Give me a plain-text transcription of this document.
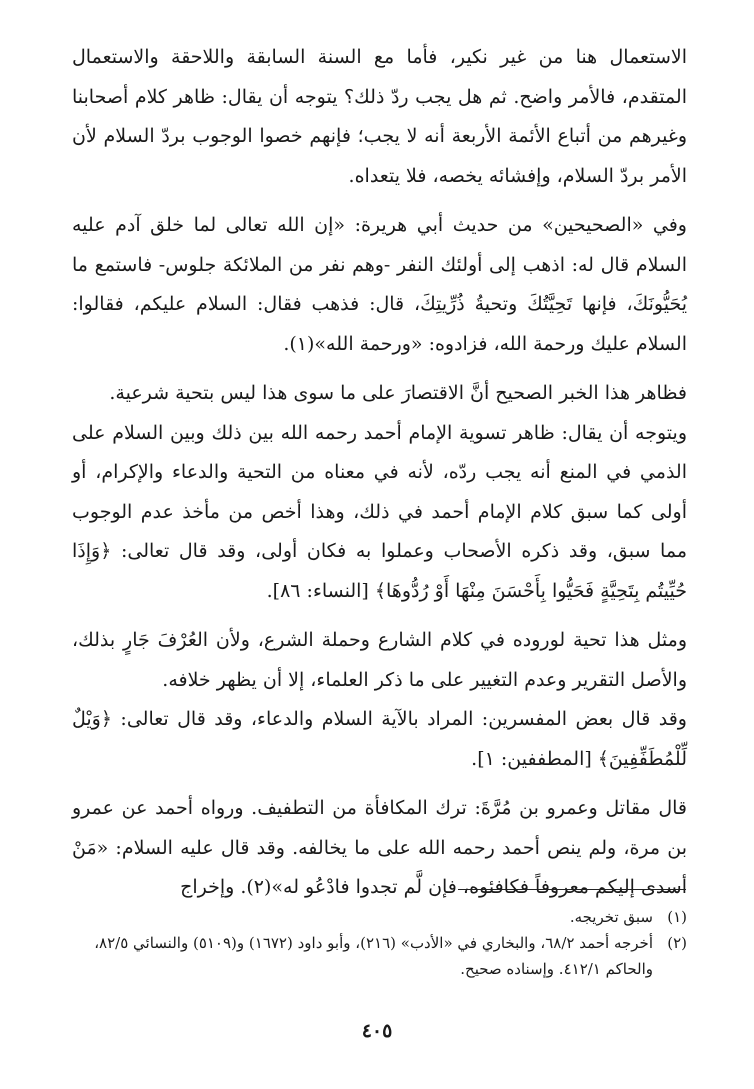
الاستعمال هنا من غير نكير، فأما مع السنة السابقة واللاحقة والاستعمال المتقدم، فالأمر واضح. ثم هل يجب ردّ ذلك؟ يتوجه أن يقال: ظاهر كلام أصحابنا وغيرهم من أتباع الأئمة الأربعة أنه لا يجب؛ فإنهم خصوا الوجوب بردّ السلام لأن الأمر بردّ السلام، وإفشائه يخصه، فلا يتعداه.

وفي «الصحيحين» من حديث أبي هريرة: «إن الله تعالى لما خلق آدم عليه السلام قال له: اذهب إلى أولئك النفر -وهم نفر من الملائكة جلوس- فاستمع ما يُحَيُّونَكَ، فإنها تَحِيَّتُكَ وتحيةُ ذُرِّيتِكَ، قال: فذهب فقال: السلام عليكم، فقالوا: السلام عليك ورحمة الله، فزادوه: «ورحمة الله»(١).

فظاهر هذا الخبر الصحيح أنَّ الاقتصارَ على ما سوى هذا ليس بتحية شرعية.

ويتوجه أن يقال: ظاهر تسوية الإمام أحمد رحمه الله بين ذلك وبين السلام على الذمي في المنع أنه يجب ردّه، لأنه في معناه من التحية والدعاء والإكرام، أو أولى كما سبق كلام الإمام أحمد في ذلك، وهذا أخص من مأخذ عدم الوجوب مما سبق، وقد ذكره الأصحاب وعملوا به فكان أولى، وقد قال تعالى: ﴿وَإِذَا حُيِّيتُم بِتَحِيَّةٍ فَحَيُّوا بِأَحْسَنَ مِنْهَا أَوْ رُدُّوهَا﴾ [النساء: ٨٦].

ومثل هذا تحية لوروده في كلام الشارع وحملة الشرع، ولأن العُرْفَ جَارٍ بذلك، والأصل التقرير وعدم التغيير على ما ذكر العلماء، إلا أن يظهر خلافه.

وقد قال بعض المفسرين: المراد بالآية السلام والدعاء، وقد قال تعالى: ﴿وَيْلٌ لِّلْمُطَفِّفِينَ﴾ [المطففين: ١].

قال مقاتل وعمرو بن مُرَّةَ: ترك المكافأة من التطفيف. ورواه أحمد عن عمرو بن مرة، ولم ينص أحمد رحمه الله على ما يخالفه. وقد قال عليه السلام: «مَنْ أسدى إليكم معروفاً فكافئوه، فإن لَّم تجدوا فادْعُو له»(٢). وإخراج

(١)
سبق تخريجه.
(٢)
أخرجه أحمد ٦٨/٢، والبخاري في «الأدب» (٢١٦)، وأبو داود (١٦٧٢) و(٥١٠٩) والنسائي ٨٢/٥، والحاكم ٤١٢/١. وإسناده صحيح.
٤٠٥
